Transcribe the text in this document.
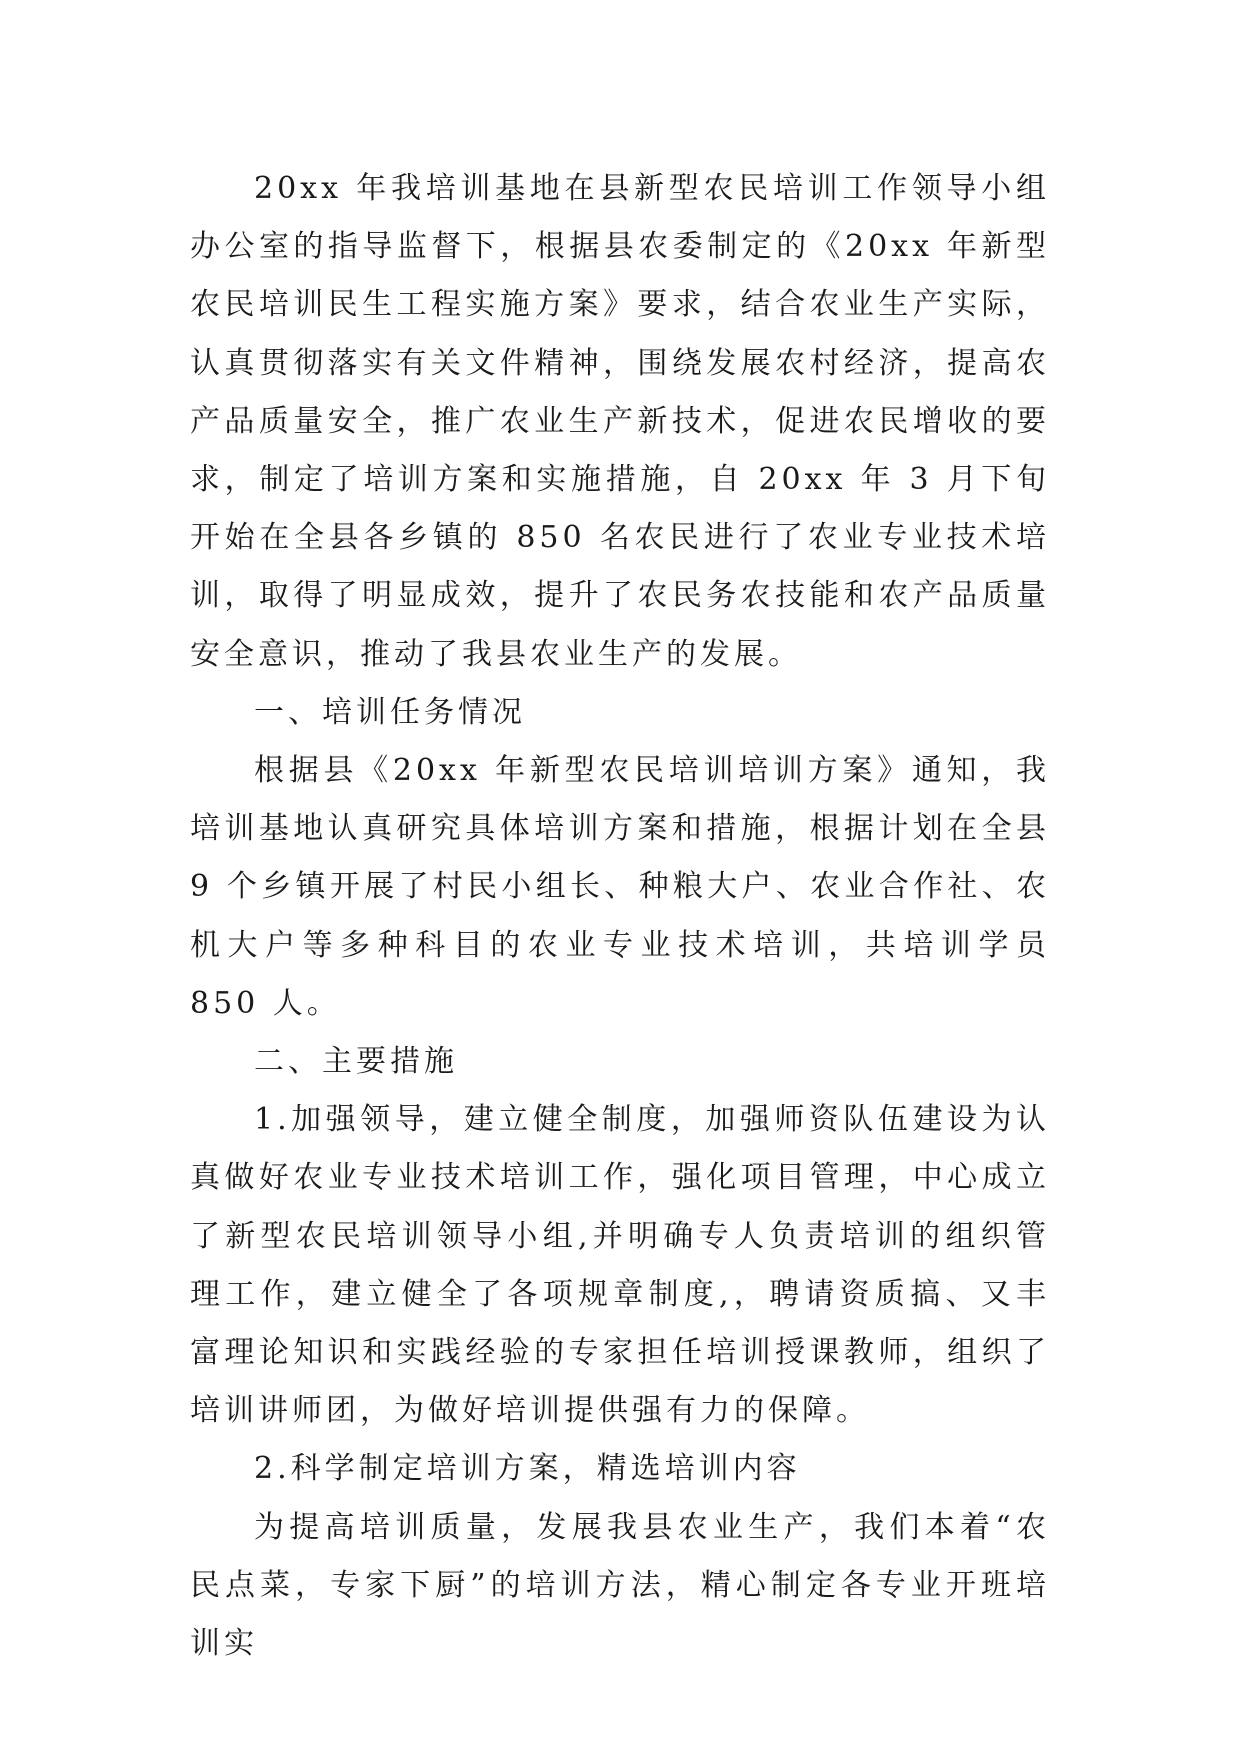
20xx 年我培训基地在县新型农民培训工作领导小组办公室的指导监督下，根据县农委制定的《20xx 年新型农民培训民生工程实施方案》要求，结合农业生产实际，认真贯彻落实有关文件精神，围绕发展农村经济，提高农产品质量安全，推广农业生产新技术，促进农民增收的要求，制定了培训方案和实施措施，自 20xx 年 3 月下旬开始在全县各乡镇的 850 名农民进行了农业专业技术培训，取得了明显成效，提升了农民务农技能和农产品质量安全意识，推动了我县农业生产的发展。

一、培训任务情况

根据县《20xx 年新型农民培训培训方案》通知，我培训基地认真研究具体培训方案和措施，根据计划在全县 9 个乡镇开展了村民小组长、种粮大户、农业合作社、农机大户等多种科目的农业专业技术培训，共培训学员 850 人。

二、主要措施

1.加强领导，建立健全制度，加强师资队伍建设为认真做好农业专业技术培训工作，强化项目管理，中心成立了新型农民培训领导小组,并明确专人负责培训的组织管理工作，建立健全了各项规章制度,，聘请资质搞、又丰富理论知识和实践经验的专家担任培训授课教师，组织了培训讲师团，为做好培训提供强有力的保障。

2.科学制定培训方案，精选培训内容

为提高培训质量，发展我县农业生产，我们本着“农民点菜，专家下厨”的培训方法，精心制定各专业开班培训实
